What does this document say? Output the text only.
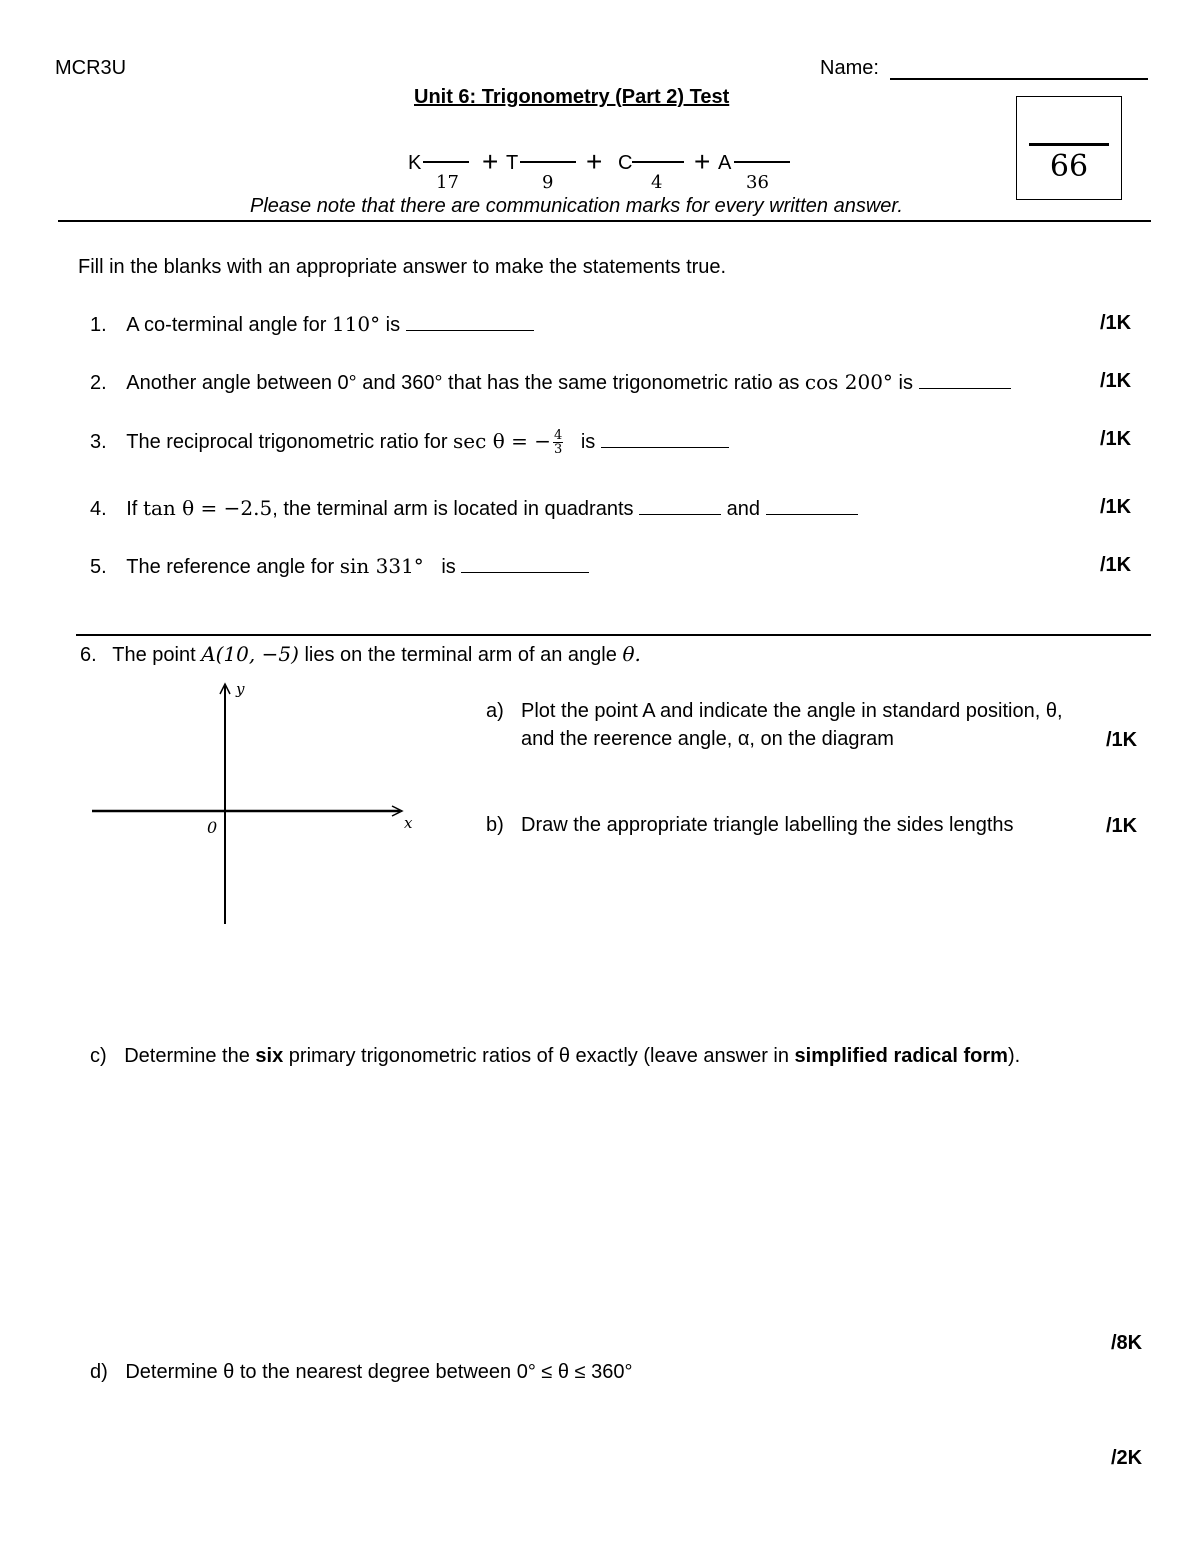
MCR3U	Name:
Unit 6: Trigonometry (Part 2) Test
66
K
17
+ T
9
+ C
4
+ A
36
Please note that there are communication marks for every written answer.
Fill in the blanks with an appropriate answer to make the statements true.
1. A co-terminal angle for 110° is	/1K
2. Another angle between 0° and 360° that has the same trigonometric ratio as cos 200° is	/1K
3. The reciprocal trigonometric ratio for sec θ = − $\frac{4}{3}$ is	/1K
4. If tan θ = −2.5, the terminal arm is located in quadrants	and	/1K
5. The reference angle for sin 331° is	/1K
6. The point A(10, −5) lies on the terminal arm of an angle θ.
y
x
0
a) Plot the point A and indicate the angle in standard position, θ,
and the reerence angle, α, on the diagram	/1K
b) Draw the appropriate triangle labelling the sides lengths	/1K
c) Determine the six primary trigonometric ratios of θ exactly (leave answer in simplified radical form).
/8K
d) Determine θ to the nearest degree between 0° ≤ θ ≤ 360°
/2K
